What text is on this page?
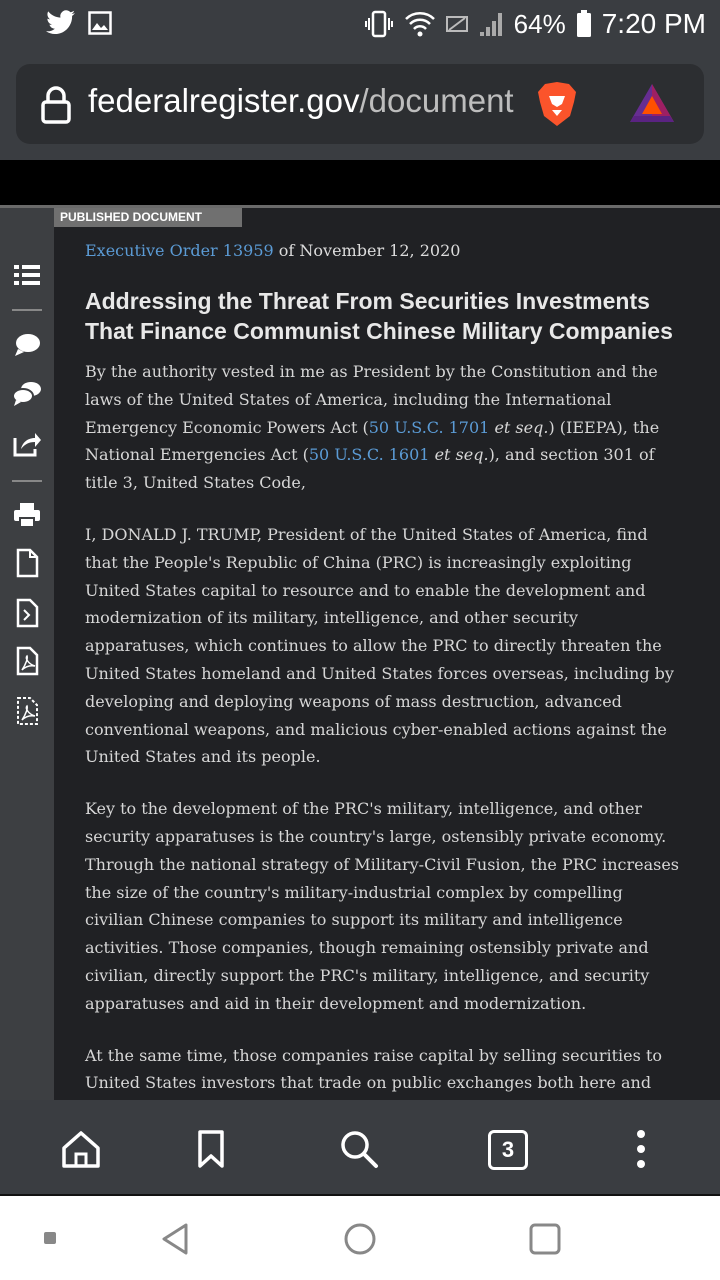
64% 7:20 PM
federalregister.gov/document
PUBLISHED DOCUMENT

Executive Order 13959 of November 12, 2020

Addressing the Threat From Securities Investments That Finance Communist Chinese Military Companies

By the authority vested in me as President by the Constitution and the laws of the United States of America, including the International Emergency Economic Powers Act (50 U.S.C. 1701 et seq.) (IEEPA), the National Emergencies Act (50 U.S.C. 1601 et seq.), and section 301 of title 3, United States Code,

I, DONALD J. TRUMP, President of the United States of America, find that the People's Republic of China (PRC) is increasingly exploiting United States capital to resource and to enable the development and modernization of its military, intelligence, and other security apparatuses, which continues to allow the PRC to directly threaten the United States homeland and United States forces overseas, including by developing and deploying weapons of mass destruction, advanced conventional weapons, and malicious cyber-enabled actions against the United States and its people.

Key to the development of the PRC's military, intelligence, and other security apparatuses is the country's large, ostensibly private economy. Through the national strategy of Military-Civil Fusion, the PRC increases the size of the country's military-industrial complex by compelling civilian Chinese companies to support its military and intelligence activities. Those companies, though remaining ostensibly private and civilian, directly support the PRC's military, intelligence, and security apparatuses and aid in their development and modernization.

At the same time, those companies raise capital by selling securities to United States investors that trade on public exchanges both here and

3
